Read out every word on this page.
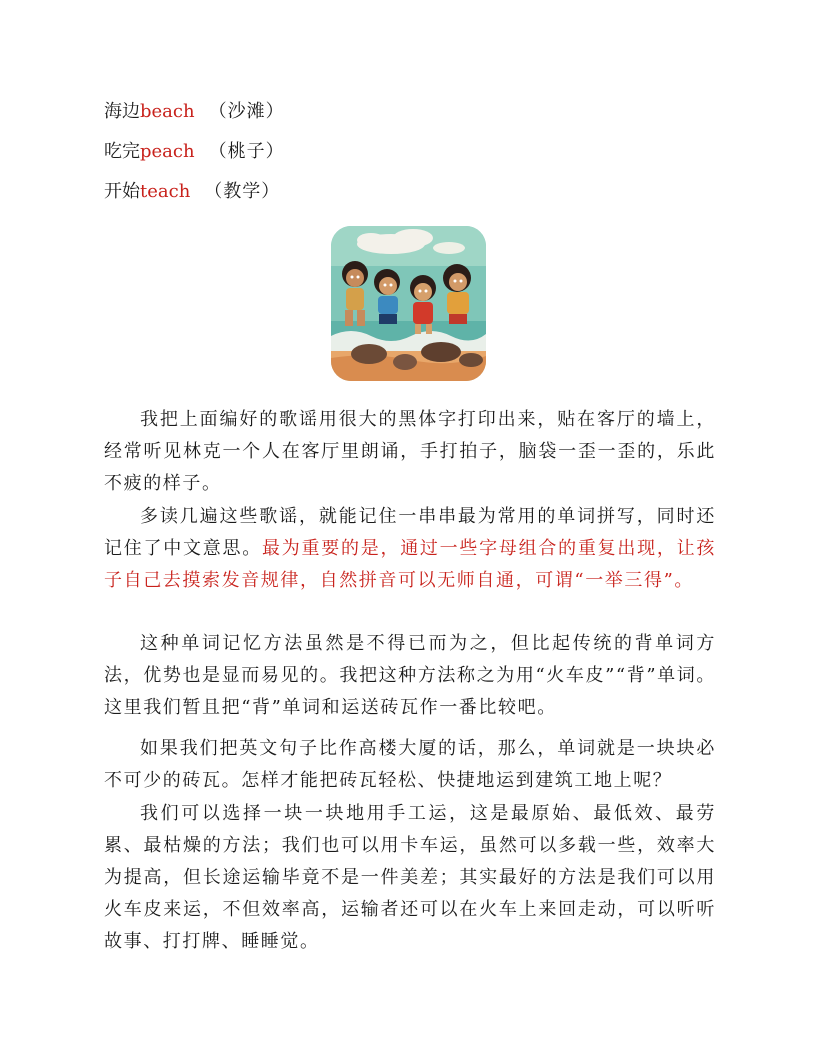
海边beach （沙滩）
吃完peach （桃子）
开始teach （教学）

我把上面编好的歌谣用很大的黑体字打印出来，贴在客厅的墙上，经常听见林克一个人在客厅里朗诵，手打拍子，脑袋一歪一歪的，乐此不疲的样子。

多读几遍这些歌谣，就能记住一串串最为常用的单词拼写，同时还记住了中文意思。最为重要的是，通过一些字母组合的重复出现，让孩子自己去摸索发音规律，自然拼音可以无师自通，可谓“一举三得”。

这种单词记忆方法虽然是不得已而为之，但比起传统的背单词方法，优势也是显而易见的。我把这种方法称之为用“火车皮”“背”单词。这里我们暂且把“背”单词和运送砖瓦作一番比较吧。

如果我们把英文句子比作高楼大厦的话，那么，单词就是一块块必不可少的砖瓦。怎样才能把砖瓦轻松、快捷地运到建筑工地上呢？

我们可以选择一块一块地用手工运，这是最原始、最低效、最劳累、最枯燥的方法；我们也可以用卡车运，虽然可以多载一些，效率大为提高，但长途运输毕竟不是一件美差；其实最好的方法是我们可以用火车皮来运，不但效率高，运输者还可以在火车上来回走动，可以听听故事、打打牌、睡睡觉。
